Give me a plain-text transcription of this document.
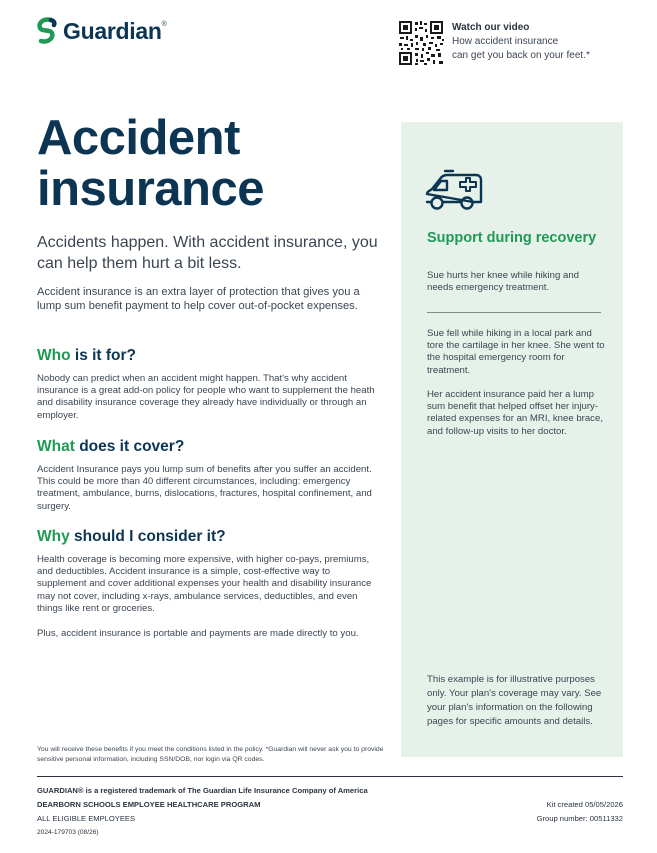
Guardian ®	Watch our video
How accident insurance
can get you back on your feet.*
Accident
insurance
Accidents happen. With accident insurance, you can help them hurt a bit less.
Accident insurance is an extra layer of protection that gives you a lump sum benefit payment to help cover out-of-pocket expenses.
Who is it for?
Nobody can predict when an accident might happen. That's why accident insurance is a great add-on policy for people who want to supplement the heath and disability insurance coverage they already have individually or through an employer.
What does it cover?
Accident Insurance pays you lump sum of benefits after you suffer an accident. This could be more than 40 different circumstances, including: emergency treatment, ambulance, burns, dislocations, fractures, hospital confinement, and surgery.
Why should I consider it?
Health coverage is becoming more expensive, with higher co-pays, premiums, and deductibles. Accident insurance is a simple, cost-effective way to supplement and cover additional expenses your health and disability insurance may not cover, including x-rays, ambulance services, deductibles, and even things like rent or groceries.
Plus, accident insurance is portable and payments are made directly to you.
You will receive these benefits if you meet the conditions listed in the policy. *Guardian will never ask you to provide sensitive personal information, including SSN/DOB, nor login via QR codes.
Support during recovery
Sue hurts her knee while hiking and needs emergency treatment.
Sue fell while hiking in a local park and tore the cartilage in her knee. She went to the hospital emergency room for treatment.
Her accident insurance paid her a lump sum benefit that helped offset her injury-related expenses for an MRI, knee brace, and follow-up visits to her doctor.
This example is for illustrative purposes only. Your plan's coverage may vary. See your plan's information on the following pages for specific amounts and details.
GUARDIAN® is a registered trademark of The Guardian Life Insurance Company of America
DEARBORN SCHOOLS EMPLOYEE HEALTHCARE PROGRAM
ALL ELIGIBLE EMPLOYEES
2024-179703 (08/26)
Kit created 05/05/2026
Group number: 00511332
